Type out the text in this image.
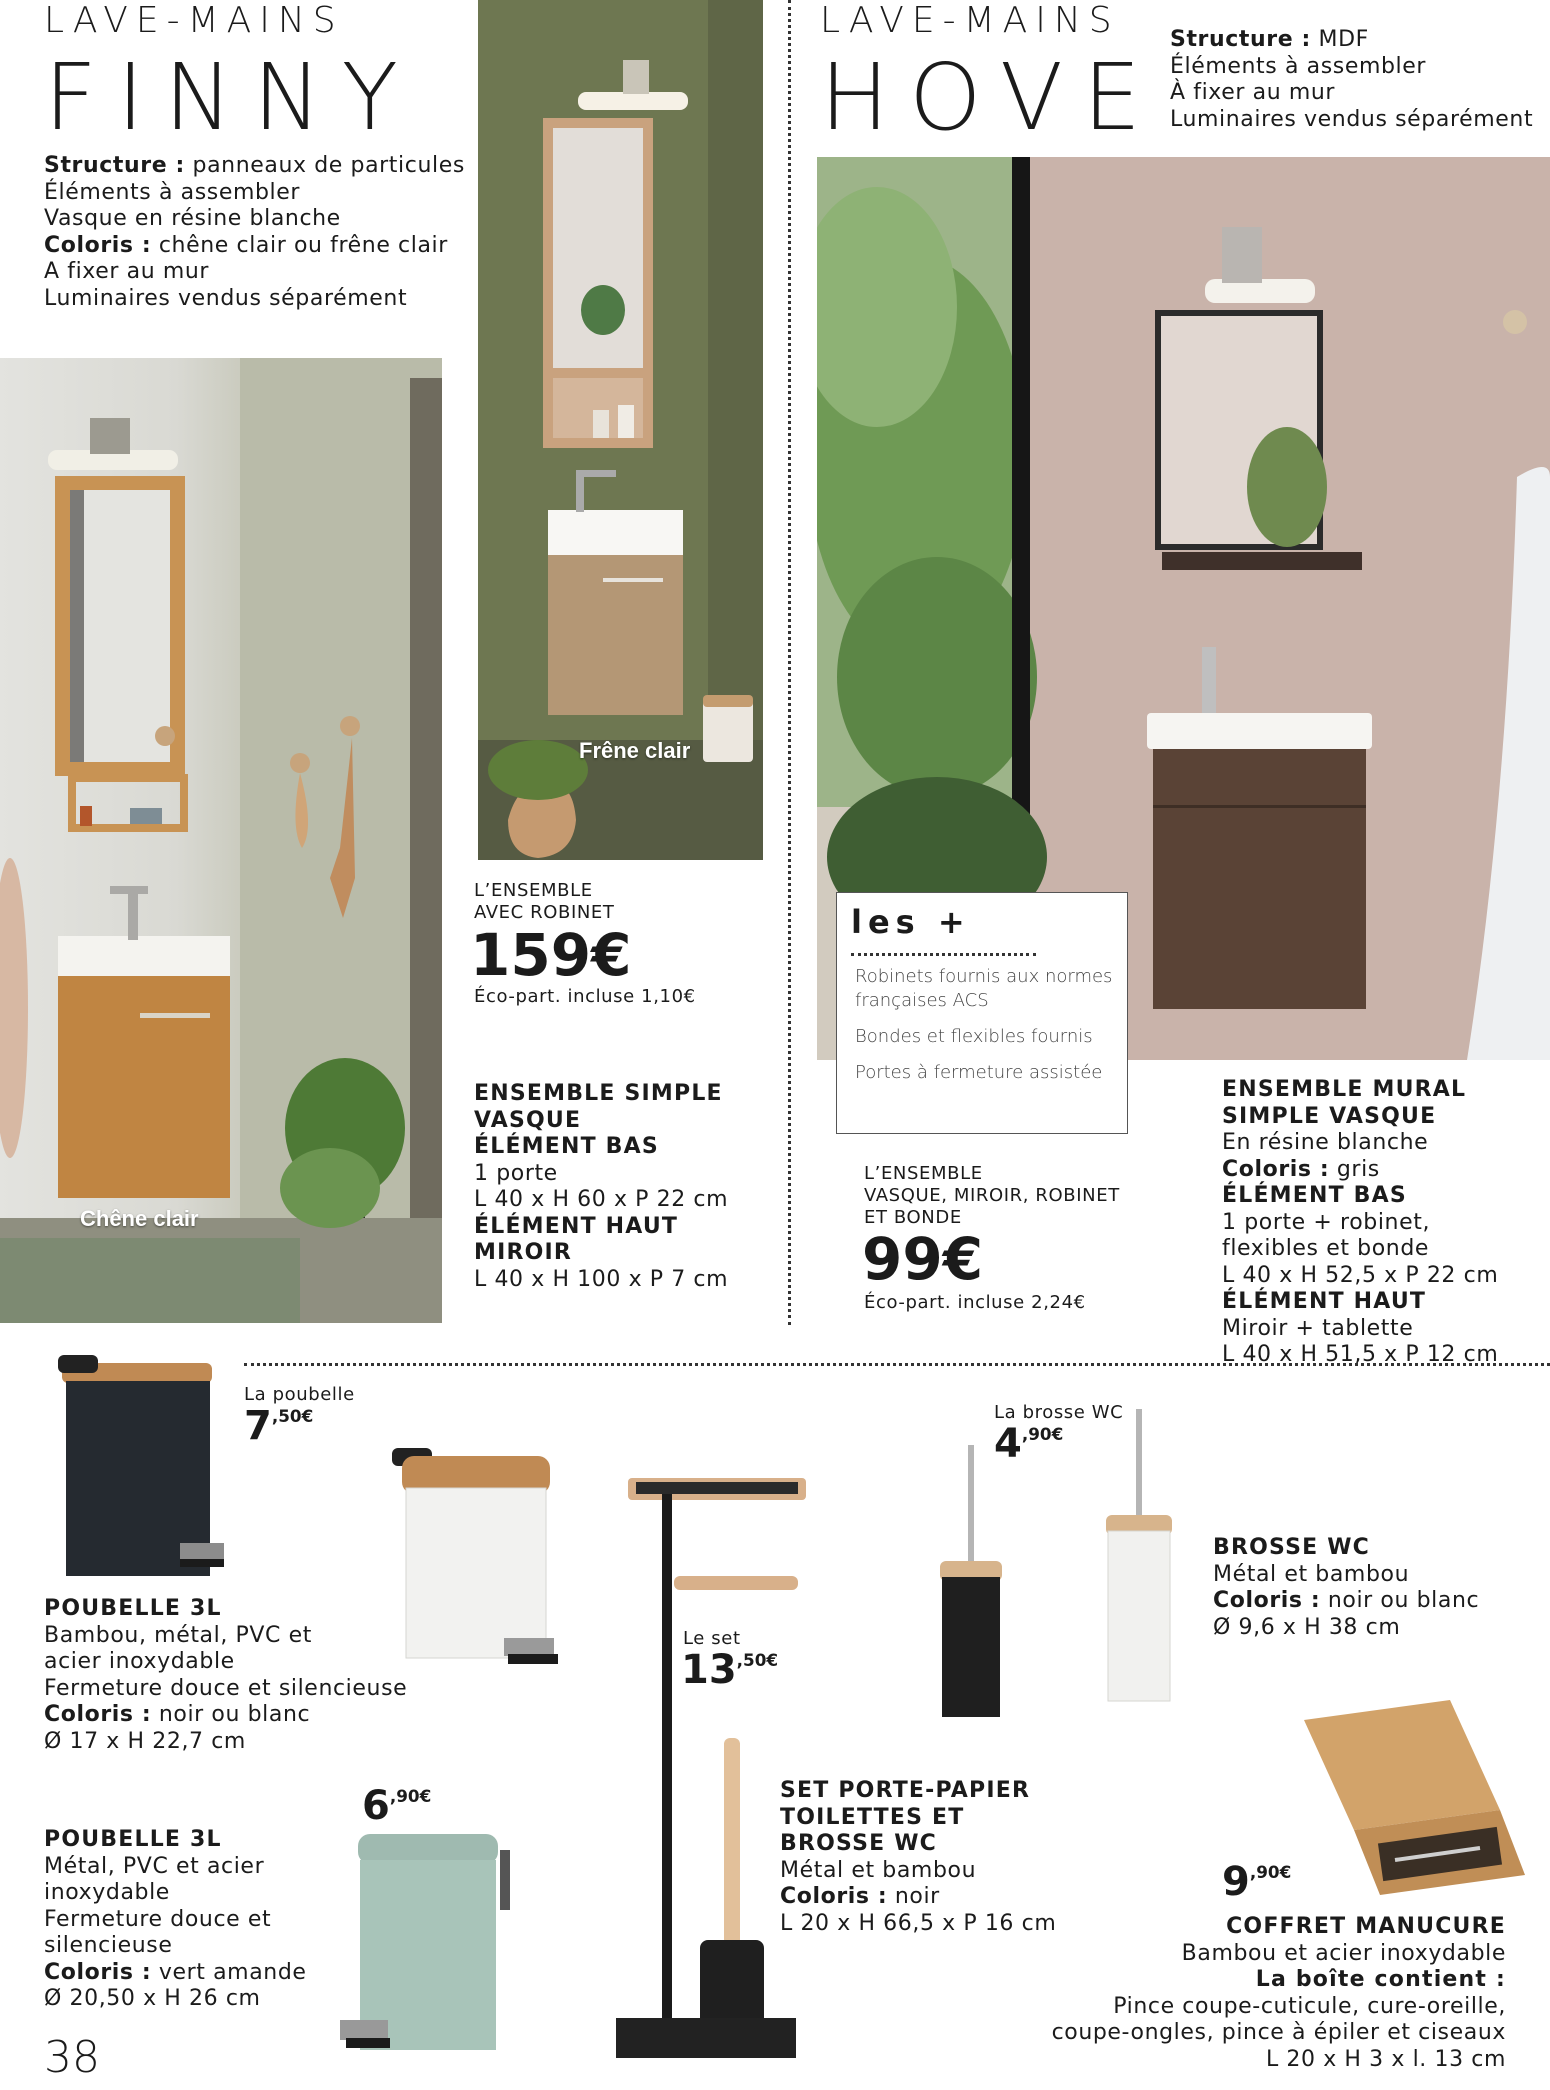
LAVE-MAINS
FINNY
Structure : panneaux de particules
Éléments à assembler
Vasque en résine blanche
Coloris : chêne clair ou frêne clair
A fixer au mur
Luminaires vendus séparément
Chêne clair
Frêne clair
L’ENSEMBLE
AVEC ROBINET
159€
Éco-part. incluse 1,10€
ENSEMBLE SIMPLE
VASQUE
ÉLÉMENT BAS
1 porte
L 40 x H 60 x P 22 cm
ÉLÉMENT HAUT
MIROIR
L 40 x H 100 x P 7 cm
LAVE-MAINS
HOVE
Structure : MDF
Éléments à assembler
À fixer au mur
Luminaires vendus séparément
les +

Robinets fournis aux normes françaises ACS

Bondes et flexibles fournis

Portes à fermeture assistée

L’ENSEMBLE
VASQUE, MIROIR, ROBINET
ET BONDE
99€
Éco-part. incluse 2,24€
ENSEMBLE MURAL
SIMPLE VASQUE
En résine blanche
Coloris : gris
ÉLÉMENT BAS
1 porte + robinet,
flexibles et bonde
L 40 x H 52,5 x P 22 cm
ÉLÉMENT HAUT
Miroir + tablette
L 40 x H 51,5 x P 12 cm
La poubelle
$7^{,50€}$
POUBELLE 3L
Bambou, métal, PVC et
acier inoxydable
Fermeture douce et silencieuse
Coloris : noir ou blanc
Ø 17 x H 22,7 cm
$6^{,90€}$
POUBELLE 3L
Métal, PVC et acier
inoxydable
Fermeture douce et
silencieuse
Coloris : vert amande
Ø 20,50 x H 26 cm
Le set
$13^{,50€}$
SET PORTE-PAPIER
TOILETTES ET
BROSSE WC
Métal et bambou
Coloris : noir
L 20 x H 66,5 x P 16 cm
La brosse WC
$4^{,90€}$
BROSSE WC
Métal et bambou
Coloris : noir ou blanc
Ø 9,6 x H 38 cm
$9^{,90€}$
COFFRET MANUCURE
Bambou et acier inoxydable
La boîte contient :
Pince coupe-cuticule, cure-oreille,
coupe-ongles, pince à épiler et ciseaux
L 20 x H 3 x l. 13 cm
38
